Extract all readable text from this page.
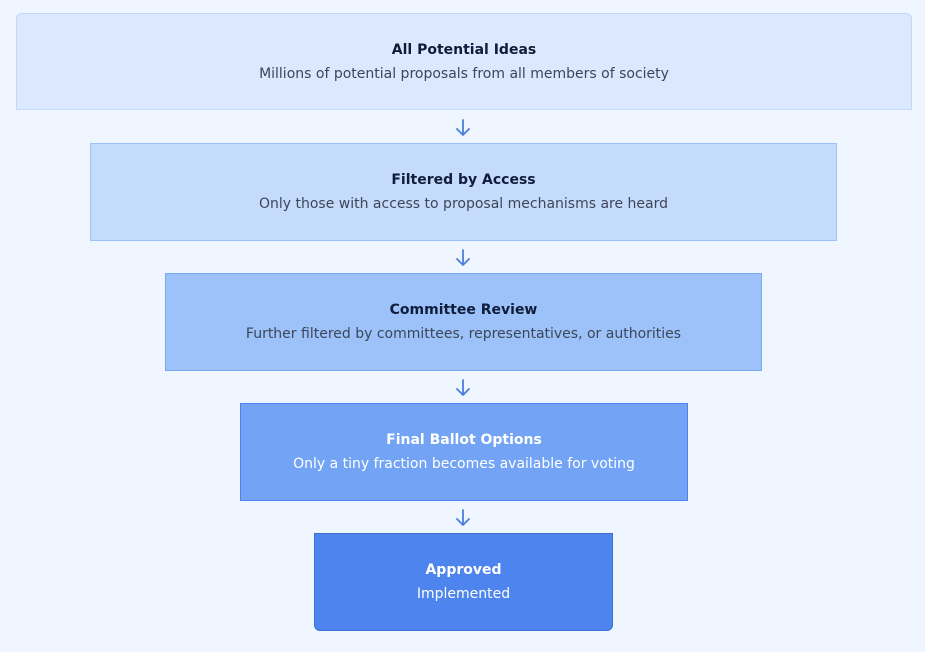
All Potential Ideas
Millions of potential proposals from all members of society
Filtered by Access
Only those with access to proposal mechanisms are heard
Committee Review
Further filtered by committees, representatives, or authorities
Final Ballot Options
Only a tiny fraction becomes available for voting
Approved
Implemented
